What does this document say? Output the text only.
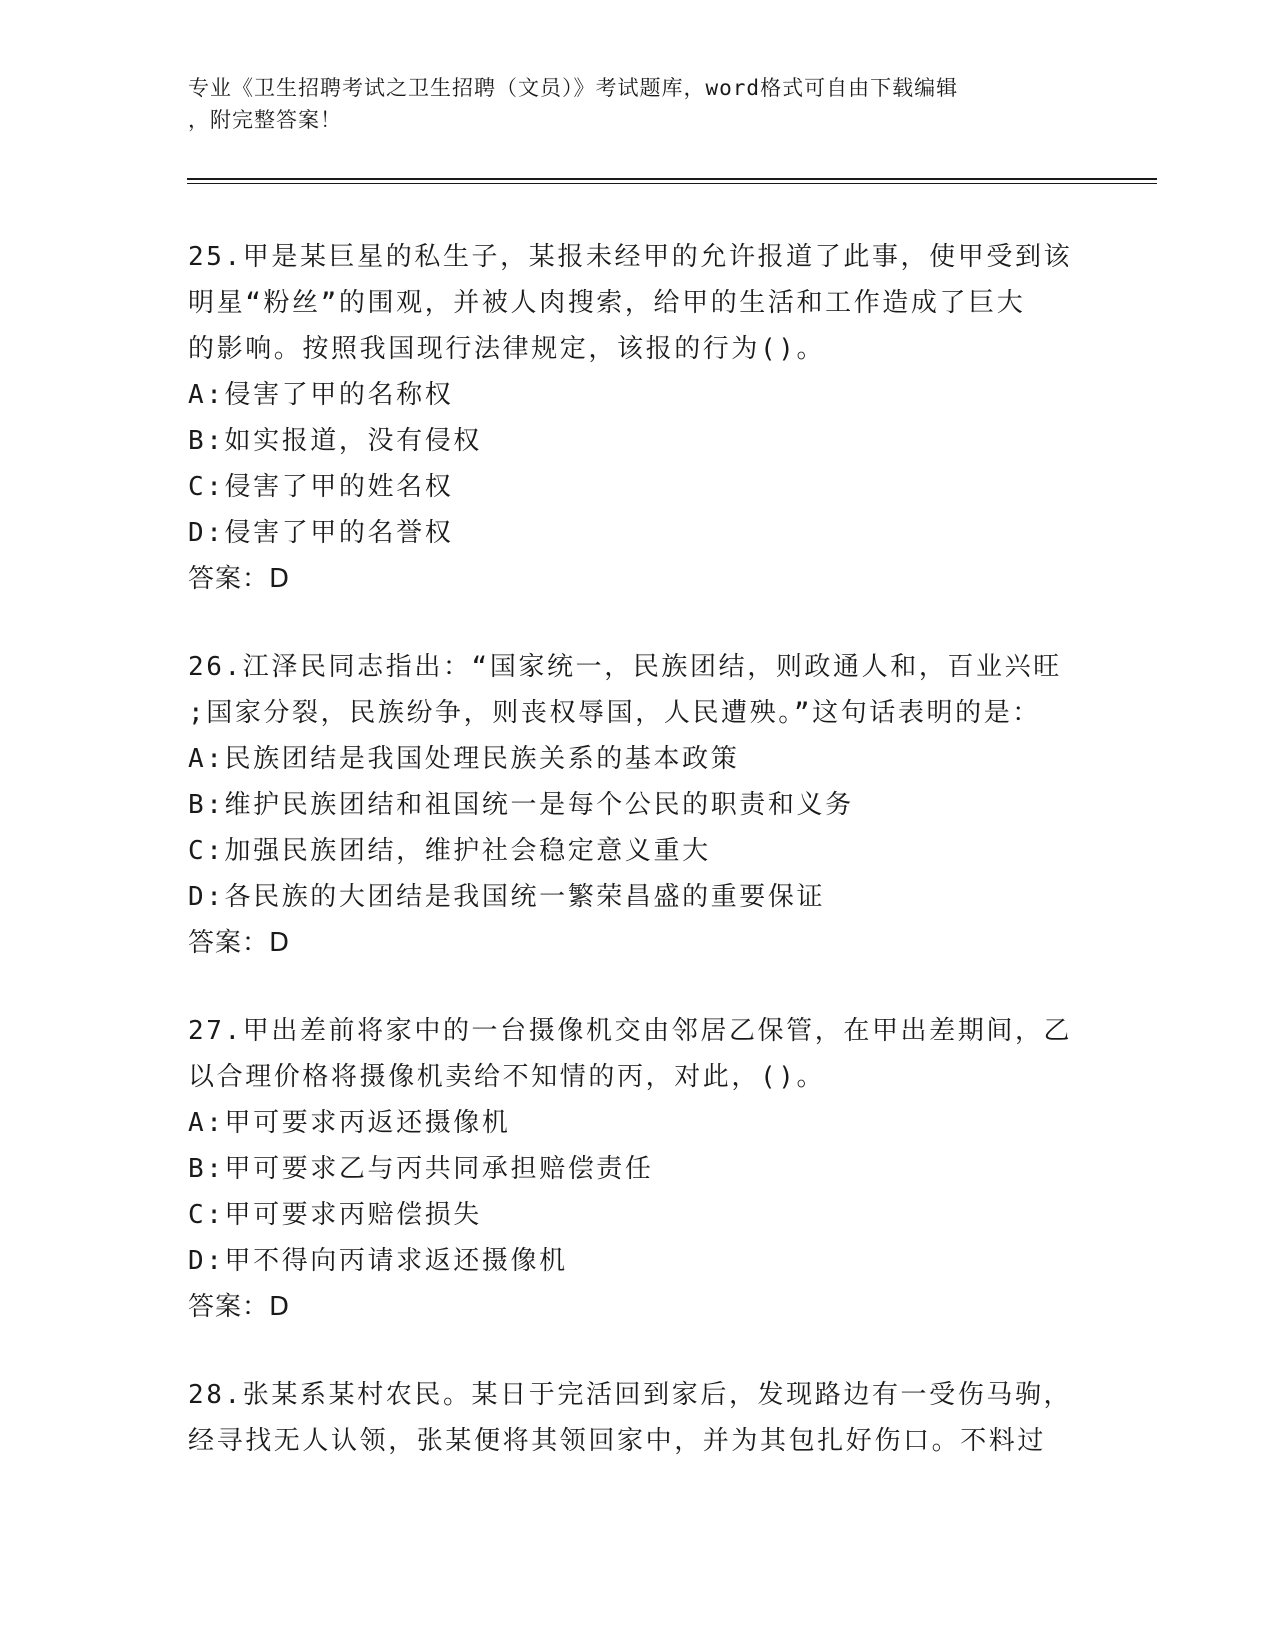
专业《卫生招聘考试之卫生招聘（文员）》考试题库，word格式可自由下载编辑
，附完整答案！
25.甲是某巨星的私生子，某报未经甲的允许报道了此事，使甲受到该
明星“粉丝”的围观，并被人肉搜索，给甲的生活和工作造成了巨大
的影响。按照我国现行法律规定，该报的行为()。
A:侵害了甲的名称权
B:如实报道，没有侵权
C:侵害了甲的姓名权
D:侵害了甲的名誉权
答案：D
26.江泽民同志指出：“国家统一，民族团结，则政通人和，百业兴旺
;国家分裂，民族纷争，则丧权辱国，人民遭殃。”这句话表明的是：
A:民族团结是我国处理民族关系的基本政策
B:维护民族团结和祖国统一是每个公民的职责和义务
C:加强民族团结，维护社会稳定意义重大
D:各民族的大团结是我国统一繁荣昌盛的重要保证
答案：D
27.甲出差前将家中的一台摄像机交由邻居乙保管，在甲出差期间，乙
以合理价格将摄像机卖给不知情的丙，对此，()。
A:甲可要求丙返还摄像机
B:甲可要求乙与丙共同承担赔偿责任
C:甲可要求丙赔偿损失
D:甲不得向丙请求返还摄像机
答案：D
28.张某系某村农民。某日于完活回到家后，发现路边有一受伤马驹，
经寻找无人认领，张某便将其领回家中，并为其包扎好伤口。不料过
